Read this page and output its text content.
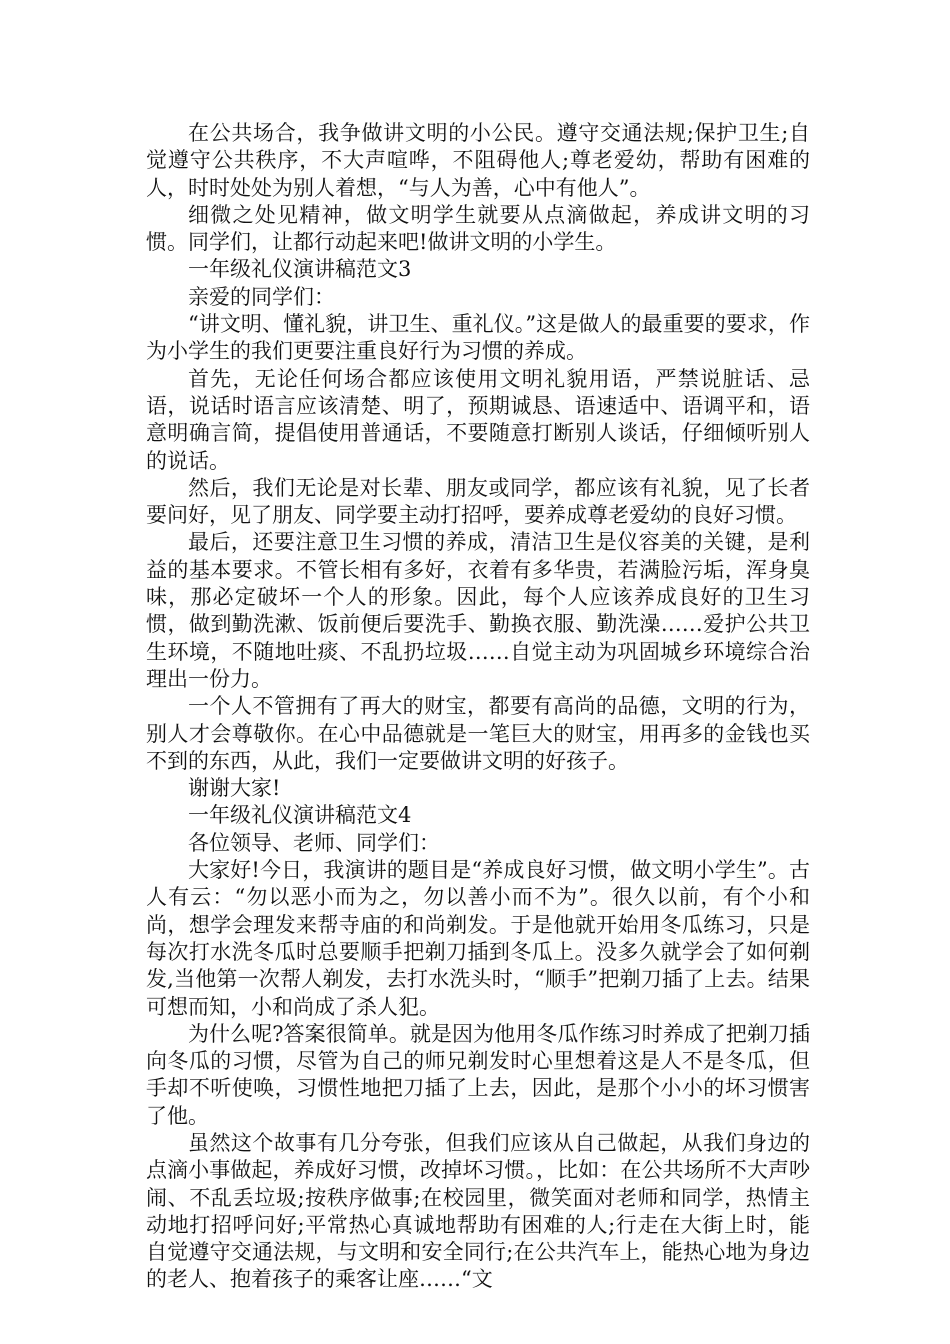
在公共场合，我争做讲文明的小公民。遵守交通法规;保护卫生;自觉遵守公共秩序，不大声喧哗，不阻碍他人;尊老爱幼，帮助有困难的人，时时处处为别人着想，“与人为善，心中有他人”。

细微之处见精神，做文明学生就要从点滴做起，养成讲文明的习惯。同学们，让都行动起来吧!做讲文明的小学生。

一年级礼仪演讲稿范文3

亲爱的同学们：

“讲文明、懂礼貌，讲卫生、重礼仪。”这是做人的最重要的要求，作为小学生的我们更要注重良好行为习惯的养成。

首先，无论任何场合都应该使用文明礼貌用语，严禁说脏话、忌语，说话时语言应该清楚、明了，预期诚恳、语速适中、语调平和，语意明确言简，提倡使用普通话，不要随意打断别人谈话，仔细倾听别人的说话。

然后，我们无论是对长辈、朋友或同学，都应该有礼貌，见了长者要问好，见了朋友、同学要主动打招呼，要养成尊老爱幼的良好习惯。

最后，还要注意卫生习惯的养成，清洁卫生是仪容美的关键，是利益的基本要求。不管长相有多好，衣着有多华贵，若满脸污垢，浑身臭味，那必定破坏一个人的形象。因此，每个人应该养成良好的卫生习惯，做到勤洗漱、饭前便后要洗手、勤换衣服、勤洗澡……爱护公共卫生环境，不随地吐痰、不乱扔垃圾……自觉主动为巩固城乡环境综合治理出一份力。

一个人不管拥有了再大的财宝，都要有高尚的品德，文明的行为，别人才会尊敬你。在心中品德就是一笔巨大的财宝，用再多的金钱也买不到的东西，从此，我们一定要做讲文明的好孩子。

谢谢大家!

一年级礼仪演讲稿范文4

各位领导、老师、同学们：

大家好!今日，我演讲的题目是“养成良好习惯，做文明小学生”。古人有云：“勿以恶小而为之，勿以善小而不为”。很久以前，有个小和尚，想学会理发来帮寺庙的和尚剃发。于是他就开始用冬瓜练习，只是每次打水洗冬瓜时总要顺手把剃刀插到冬瓜上。没多久就学会了如何剃发,当他第一次帮人剃发，去打水洗头时，“顺手”把剃刀插了上去。结果可想而知，小和尚成了杀人犯。

为什么呢?答案很简单。就是因为他用冬瓜作练习时养成了把剃刀插向冬瓜的习惯，尽管为自己的师兄剃发时心里想着这是人不是冬瓜，但手却不听使唤，习惯性地把刀插了上去，因此，是那个小小的坏习惯害了他。

虽然这个故事有几分夸张，但我们应该从自己做起，从我们身边的点滴小事做起，养成好习惯，改掉坏习惯。，比如：在公共场所不大声吵闹、不乱丢垃圾;按秩序做事;在校园里，微笑面对老师和同学，热情主动地打招呼问好;平常热心真诚地帮助有困难的人;行走在大街上时，能自觉遵守交通法规，与文明和安全同行;在公共汽车上，能热心地为身边的老人、抱着孩子的乘客让座……“文
